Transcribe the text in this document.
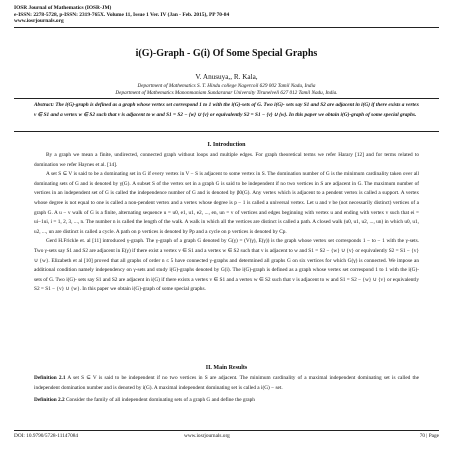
IOSR Journal of Mathematics (IOSR-JM)
e-ISSN: 2278-5728, p-ISSN: 2319-765X. Volume 11, Issue 1 Ver. IV (Jan - Feb. 2015), PP 70-84
www.iosrjournals.org
i(G)-Graph - G(i) Of Some Special Graphs
V. Anusuya,, R. Kala,
Department of Mathematics S. T. Hindu college Nagercoil 629 002 Tamil Nadu, India
Department of Mathematics Manonmaniam Sundaranar University Tirunelveli 627 012 Tamil Nadu, India.
Abstract: The i(G)-graph is defined as a graph whose vertex set correspond 1 to 1 with the i(G)-sets of G. Two i(G)- sets say S1 and S2 are adjacent in i(G) if there exists a vertex v ∈ S1 and a vertex w ∈ S2 such that v is adjacent to w and S1 = S2 − {w} ∪ {v} or equivalently S2 = S1 − {v} ∪ {w}. In this paper we obtain i(G)-graph of some special graphs.
I. Introduction

By a graph we mean a finite, undirected, connected graph without loops and multiple edges. For graph theoretical terms we refer Harary [12] and for terms related to domination we refer Haynes et al. [14].

A set S ⊆ V is said to be a dominating set in G if every vertex in V − S is adjacent to some vertex in S. The domination number of G is the minimum cardinality taken over all dominating sets of G and is denoted by γ(G). A subset S of the vertex set in a graph G is said to be independent if no two vertices in S are adjacent in G. The maximum number of vertices in an independent set of G is called the independence number of G and is denoted by β0(G). Any vertex which is adjacent to a pendent vertex is called a support. A vertex whose degree is not equal to one is called a non-pendent vertex and a vertex whose degree is p − 1 is called a universal vertex. Let u and v be (not necessarily distinct) vertices of a graph G. A u − v walk of G is a finite, alternating sequence u = u0, e1, u1, e2, ..., en, un = v of vertices and edges beginning with vertex u and ending with vertex v such that ei = ui−1ui, i = 1, 2, 3, ..., n. The number n is called the length of the walk. A walk in which all the vertices are distinct is called a path. A closed walk (u0, u1, u2, ..., un) in which u0, u1, u2, ..., un are distinct is called a cycle. A path on p vertices is denoted by Pp and a cycle on p vertices is denoted by Cp.

Gerd H.Frickle et. al [11] introduced γ-graph. The γ-graph of a graph G denoted by G(γ) = (V(γ), E(γ)) is the graph whose vertex set corresponds 1 − to − 1 with the γ-sets. Two γ-sets say S1 and S2 are adjacent in E(γ) if there exist a vertex v ∈ S1 and a vertex w ∈ S2 such that v is adjacent to w and S1 = S2 − {w} ∪ {v} or equivalently S2 = S1 − {v} ∪ {w}. Elizabeth et al [10] proved that all graphs of order n ≤ 5 have connected γ-graphs and determined all graphs G on six vertices for which G(γ) is connected. We impose an additional condition namely independency on γ-sets and study i(G)-graphs denoted by G(i). The i(G)-graph is defined as a graph whose vertex set correspond 1 to 1 with the i(G)-sets of G. Two i(G)- sets say S1 and S2 are adjacent in i(G) if there exists a vertex v ∈ S1 and a vertex w ∈ S2 such that v is adjacent to w and S1 = S2 − {w} ∪ {v} or equivalently S2 = S1 − {v} ∪ {w}. In this paper we obtain i(G)-graph of some special graphs.

II. Main Results

Definition 2.1 A set S ⊆ V is said to be independent if no two vertices in S are adjacent. The minimum cardinality of a maximal independent dominating set is called the independent domination number and is denoted by i(G). A maximal independent dominating set is called a i(G) − set.

Definition 2.2 Consider the family of all independent dominating sets of a graph G and define the graph

DOI: 10.9790/5728-11147084	www.iosrjournals.org	70 | Page
